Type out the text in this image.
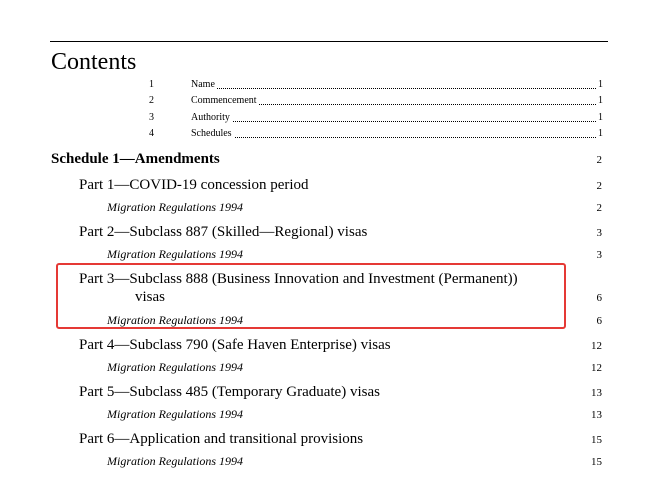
Contents
1	Name	1
2	Commencement	1
3	Authority	1
4	Schedules	1
Schedule 1—Amendments	2
Part 1—COVID-19 concession period	2
Migration Regulations 1994	2
Part 2—Subclass 887 (Skilled—Regional) visas	3
Migration Regulations 1994	3
Part 3—Subclass 888 (Business Innovation and Investment (Permanent))
visas	6
Migration Regulations 1994	6
Part 4—Subclass 790 (Safe Haven Enterprise) visas	12
Migration Regulations 1994	12
Part 5—Subclass 485 (Temporary Graduate) visas	13
Migration Regulations 1994	13
Part 6—Application and transitional provisions	15
Migration Regulations 1994	15
